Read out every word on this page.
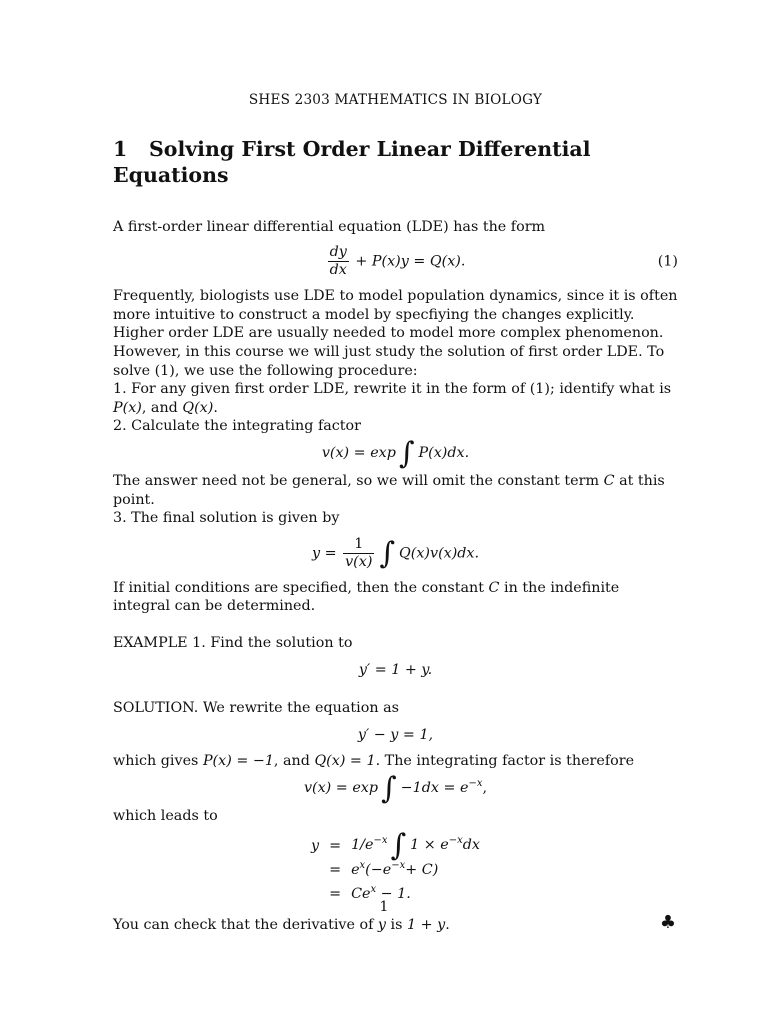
SHES 2303 MATHEMATICS IN BIOLOGY
1 Solving First Order Linear Differential Equations

A first-order linear differential equation (LDE) has the form

$\frac{dy}{dx} + P(x)y = Q(x)$.	(1)

Frequently, biologists use LDE to model population dynamics, since it is often more intuitive to construct a model by specfiying the changes explicitly. Higher order LDE are usually needed to model more complex phenomenon. However, in this course we will just study the solution of first order LDE. To solve (1), we use the following procedure:

1. For any given first order LDE, rewrite it in the form of (1); identify what is P(x), and Q(x).

2. Calculate the integrating factor

v(x) = exp ∫ P(x)dx.

The answer need not be general, so we will omit the constant term C at this point.

3. The final solution is given by

$y = \frac{1}{v(x)}$ ∫ Q(x)v(x)dx.

If initial conditions are specified, then the constant C in the indefinite integral can be determined.

EXAMPLE 1. Find the solution to

y′ = 1 + y.

SOLUTION. We rewrite the equation as

y′ − y = 1,

which gives P(x) = −1, and Q(x) = 1. The integrating factor is therefore

v(x) = exp ∫ $-1dx = e^{-x}$,

which leads to

y	=	$1/e^{-x}$ ∫ $1 \times e^{-x}dx$
	=	$e^x(-e^{-x}+ C)$
	=	$Ce^x - 1$.

You can check that the derivative of y is 1 + y.	♣

1
